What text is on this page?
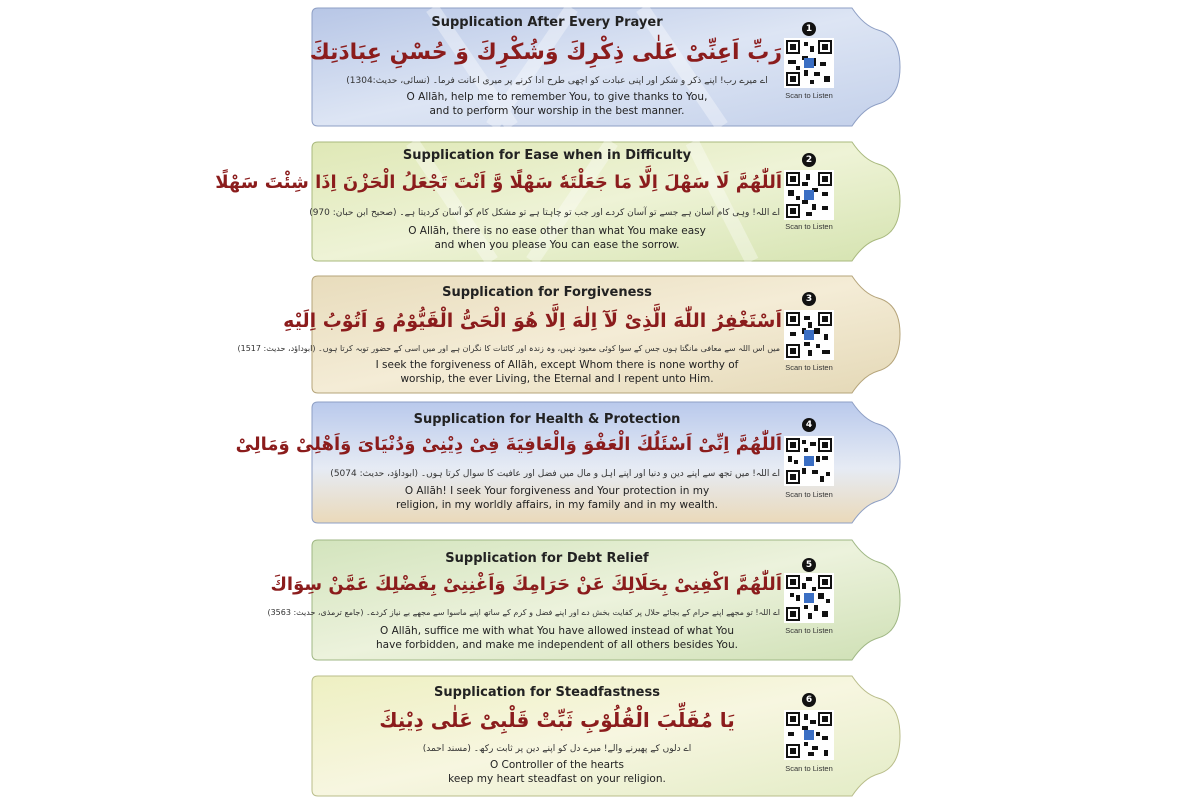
Supplication After Every Prayer
رَبِّ اَعِنِّیْ عَلٰی ذِكْرِكَ وَشُكْرِكَ وَ حُسْنِ عِبَادَتِكَ
اے میرے رب! اپنے ذکر و شکر اور اپنی عبادت کو اچھی طرح ادا کرنے پر میری اعانت فرما۔ (نسائی، حدیث:1304)
O Allāh, help me to remember You, to give thanks to You,
and to perform Your worship in the best manner.
1
Scan to Listen
Supplication for Ease when in Difficulty
اَللّٰهُمَّ لَا سَهْلَ اِلَّا مَا جَعَلْتَهٗ سَهْلًا وَّ اَنْتَ تَجْعَلُ الْحَزْنَ اِذَا شِئْتَ سَهْلًا
اے اللہ! وہی کام آسان ہے جسے تو آسان کردے اور جب تو چاہتا ہے تو مشکل کام کو آسان کردیتا ہے۔ (صحیح ابن حبان: 970)
O Allāh, there is no ease other than what You make easy
and when you please You can ease the sorrow.
2
Scan to Listen
Supplication for Forgiveness
اَسْتَغْفِرُ اللّٰهَ الَّذِیْ لَآ اِلٰهَ اِلَّا هُوَ الْحَیُّ الْقَیُّوْمُ وَ اَتُوْبُ اِلَیْهِ
میں اس اللہ سے معافی مانگتا ہوں جس کے سوا کوئی معبود نہیں، وہ زندہ اور کائنات کا نگران ہے اور میں اسی کے حضور توبہ کرتا ہوں۔ (ابوداؤد، حدیث: 1517)
I seek the forgiveness of Allāh, except Whom there is none worthy of
worship, the ever Living, the Eternal and I repent unto Him.
3
Scan to Listen
Supplication for Health & Protection
اَللّٰهُمَّ اِنِّیْ اَسْئَلُكَ الْعَفْوَ وَالْعَافِيَةَ فِیْ دِيْنِیْ وَدُنْيَایَ وَاَهْلِیْ وَمَالِیْ
اے اللہ! میں تجھ سے اپنے دین و دنیا اور اپنے اہل و مال میں فضل اور عافیت کا سوال کرتا ہوں۔ (ابوداؤد، حدیث: 5074)
O Allāh! I seek Your forgiveness and Your protection in my
religion, in my worldly affairs, in my family and in my wealth.
4
Scan to Listen
Supplication for Debt Relief
اَللّٰهُمَّ اكْفِنِیْ بِحَلَالِكَ عَنْ حَرَامِكَ وَاَغْنِنِیْ بِفَضْلِكَ عَمَّنْ سِوَاكَ
اے اللہ! تو مجھے اپنے حرام کے بجائے حلال پر کفایت بخش دے اور اپنے فضل و کرم کے ساتھ اپنے ماسوا سے مجھے بے نیاز کردے۔ (جامع ترمذی، حدیث: 3563)
O Allāh, suffice me with what You have allowed instead of what You
have forbidden, and make me independent of all others besides You.
5
Scan to Listen
Supplication for Steadfastness
يَا مُقَلِّبَ الْقُلُوْبِ ثَبِّتْ قَلْبِیْ عَلٰى دِيْنِكَ
اے دلوں کے پھیرنے والے! میرے دل کو اپنے دین پر ثابت رکھ۔ (مسند احمد)
O Controller of the hearts
keep my heart steadfast on your religion.
6
Scan to Listen
